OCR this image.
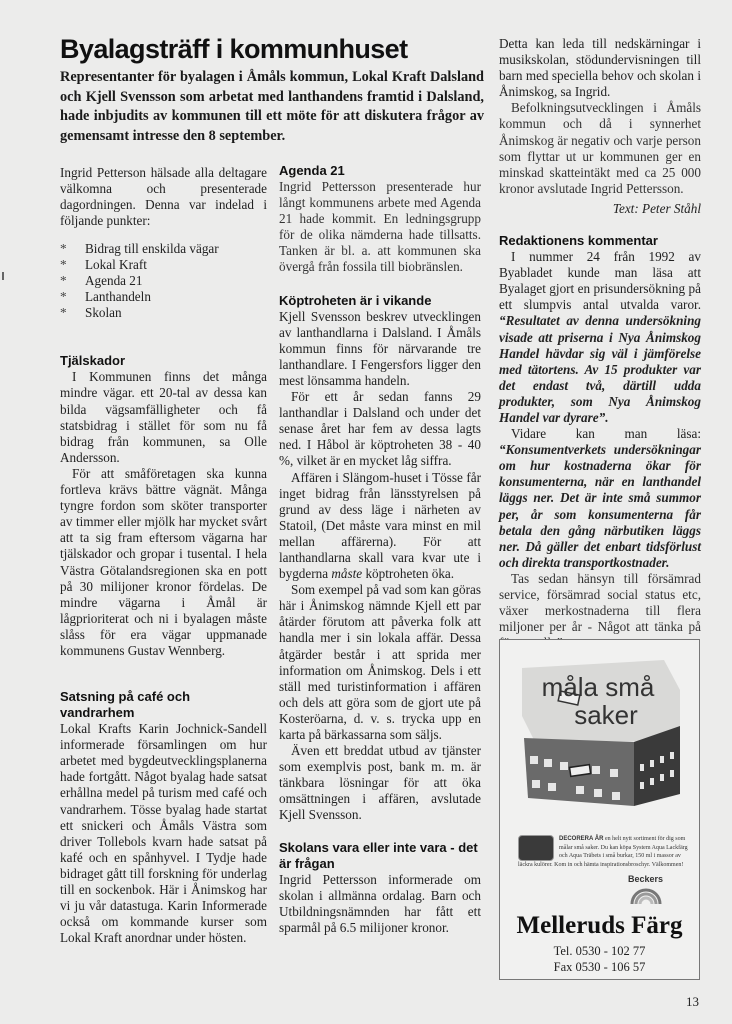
Byalagsträff i kommunhuset
Representanter för byalagen i Åmåls kommun, Lokal Kraft Dalsland och Kjell Svensson som arbetat med lanthandens framtid i Dalsland, hade inbjudits av kommunen till ett möte för att diskutera frågor av gemensamt intresse den 8 september.

Ingrid Petterson hälsade alla deltagare välkomna och presenterade dagordningen. Denna var indelad i följande punkter:

*	Bidrag till enskilda vägar
*	Lokal Kraft
*	Agenda 21
*	Lanthandeln
*	Skolan
Tjälskador

I Kommunen finns det många mindre vägar. ett 20-tal av dessa kan bilda vägsamfälligheter och få statsbidrag i stället för som nu få bidrag från kommunen, sa Olle Andersson.

För att småföretagen ska kunna fortleva krävs bättre vägnät. Många tyngre fordon som sköter transporter av timmer eller mjölk har mycket svårt att ta sig fram eftersom vägarna har tjälskador och gropar i tusental. I hela Västra Götalandsregionen ska en pott på 30 milijoner kronor fördelas. De mindre vägarna i Åmål är lågprioriterat och ni i byalagen måste slåss för era vägar uppmanade kommunens Gustav Wennberg.

Satsning på café och vandrarhem

Lokal Krafts Karin Jochnick-Sandell informerade församlingen om hur arbetet med bygdeutvecklingsplanerna hade fortgått. Något byalag hade satsat erhållna medel på turism med café och vandrarhem. Tösse byalag hade startat ett snickeri och Åmåls Västra som driver Tollebols kvarn hade satsat på kafé och en spånhyvel. I Tydje hade bidraget gått till forskning för underlag till en sockenbok. Här i Ånimskog har vi ju vår datastuga. Karin Informerade också om kommande kurser som Lokal Kraft anordnar under hösten.

Agenda 21

Ingrid Pettersson presenterade hur långt kommunens arbete med Agenda 21 hade kommit. En ledningsgrupp för de olika nämderna hade tillsatts. Tanken är bl. a. att kommunen ska övergå från fossila till biobränslen.

Köptroheten är i vikande

Kjell Svensson beskrev utvecklingen av lanthandlarna i Dalsland. I Åmåls kommun finns för närvarande tre lanthandlare. I Fengersfors ligger den mest lönsamma handeln.

För ett år sedan fanns 29 lanthandlar i Dalsland och under det senase året har fem av dessa lagts ned. I Håbol är köptroheten 38 - 40 %, vilket är en mycket låg siffra.

Affären i Slängom-huset i Tösse får inget bidrag från länsstyrelsen på grund av dess läge i närheten av Statoil, (Det måste vara minst en mil mellan affärerna). För att lanthandlarna skall vara kvar ute i bygderna måste köptroheten öka.

Som exempel på vad som kan göras här i Ånimskog nämnde Kjell ett par åtärder förutom att påverka folk att handla mer i sin lokala affär. Dessa åtgärder består i att sprida mer information om Ånimskog. Dels i ett ställ med turistinformation i affären och dels att göra som de gjort ute på Kosteröarna, d. v. s. trycka upp en karta på bärkassarna som säljs.

Även ett breddat utbud av tjänster som exemplvis post, bank m. m. är tänkbara lösningar för att öka omsättningen i affären, avslutade Kjell Svensson.

Skolans vara eller inte vara - det är frågan

Ingrid Pettersson informerade om skolan i allmänna ordalag. Barn och Utbildningsnämnden har fått ett sparmål på 6.5 milijoner kronor.

Detta kan leda till nedskärningar i musikskolan, stödundervisningen till barn med speciella behov och skolan i Ånimskog, sa Ingrid.

Befolkningsutvecklingen i Åmåls kommun och då i synnerhet Ånimskog är negativ och varje person som flyttar ut ur kommunen ger en minskad skatteintäkt med ca 25 000 kronor avslutade Ingrid Pettersson.

Text: Peter Ståhl

Redaktionens kommentar

I nummer 24 från 1992 av Byabladet kunde man läsa att Byalaget gjort en prisundersökning på ett slumpvis antal utvalda varor. “Resultatet av denna undersökning visade att priserna i Nya Ånimskog Handel hävdar sig väl i jämförelse med tätortens. Av 15 produkter var det endast två, därtill udda produkter, som Nya Ånimskog Handel var dyrare”.

Vidare kan man läsa: “Konsumentverkets undersökningar om hur kostnaderna ökar för konsumenterna, när en lanthandel läggs ner. Det är inte små summor per, år som konsumenterna får betala den gång närbutiken läggs ner. Då gäller det enbart tidsförlust och direkta transportkostnader.

Tas sedan hänsyn till försämrad service, försämrad social status etc, växer merkostnaderna till flera miljoner per år - Något att tänka på

måla små
saker
DECORERA ÅR en helt nytt sortiment för dig som målar små saker. Du kan köpa System Aqua Lackfärg och Aqua Träbets i små burkar, 150 ml i massor av läckra kulörer. Kom in och hämta inspirationsbroschyr. Välkommen!
Beckers
Melleruds Färg
Tel. 0530 - 102 77
Fax 0530 - 106 57
13
